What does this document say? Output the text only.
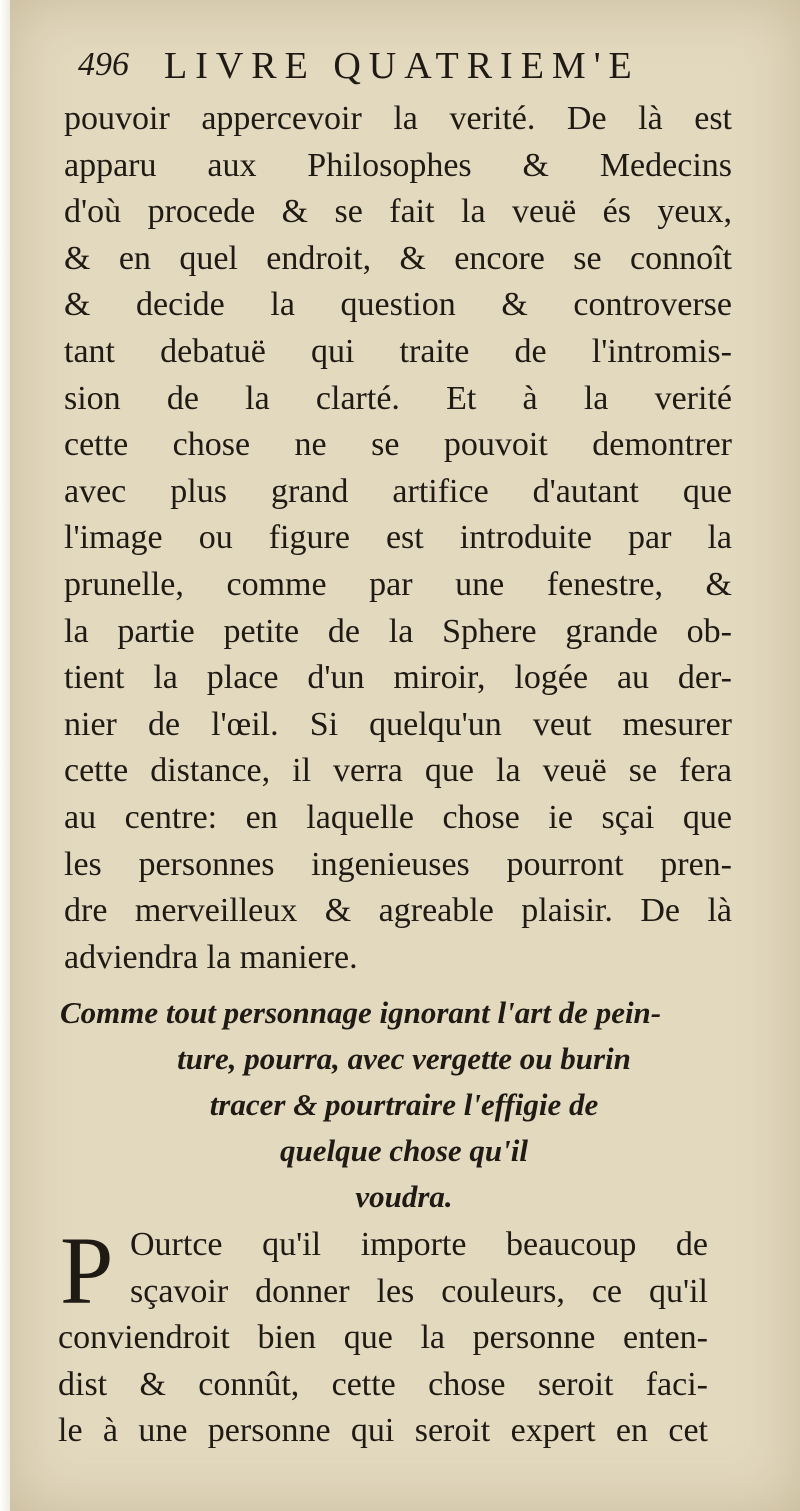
496 LIVRE QUATRIEM'E
pouvoir appercevoir la verité. De là est
apparu aux Philosophes & Medecins
d'où procede & se fait la veuë és yeux,
& en quel endroit, & encore se connoît
& decide la question & controverse
tant debatuë qui traite de l'intromis-
sion de la clarté. Et à la verité
cette chose ne se pouvoit demontrer
avec plus grand artifice d'autant que
l'image ou figure est introduite par la
prunelle, comme par une fenestre, &
la partie petite de la Sphere grande ob-
tient la place d'un miroir, logée au der-
nier de l'œil. Si quelqu'un veut mesurer
cette distance, il verra que la veuë se fera
au centre: en laquelle chose ie sçai que
les personnes ingenieuses pourront pren-
dre merveilleux & agreable plaisir. De là
adviendra la maniere.
Comme tout personnage ignorant l'art de pein-
ture, pourra, avec vergette ou burin
tracer & pourtraire l'effigie de
quelque chose qu'il
voudra.
P Ourtce qu'il importe beaucoup de
sçavoir donner les couleurs, ce qu'il
conviendroit bien que la personne enten-
dist & connût, cette chose seroit faci-
le à une personne qui seroit expert en cet
